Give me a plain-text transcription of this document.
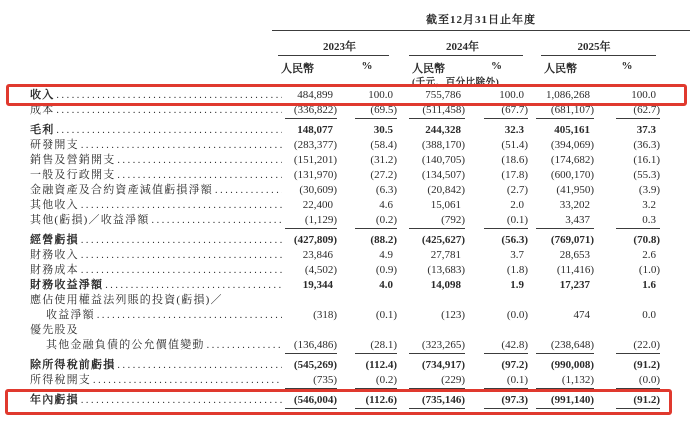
截至12月31日止年度
2023年	2024年	2025年
人民幣	%	人民幣	%	人民幣	%
(千元，百分比除外)
收入 .....	484,899	100.0	755,786	100.0	1,086,268	100.0
成本 .....	(336,822)	(69.5)	(511,458)	(67.7)	(681,107)	(62.7)
毛利 .....	148,077	30.5	244,328	32.3	405,161	37.3
研發開支 .....	(283,377)	(58.4)	(388,170)	(51.4)	(394,069)	(36.3)
銷售及營銷開支 .....	(151,201)	(31.2)	(140,705)	(18.6)	(174,682)	(16.1)
一般及行政開支 .....	(131,970)	(27.2)	(134,507)	(17.8)	(600,170)	(55.3)
金融資產及合約資產減值虧損淨額 .....	(30,609)	(6.3)	(20,842)	(2.7)	(41,950)	(3.9)
其他收入 .....	22,400	4.6	15,061	2.0	33,202	3.2
其他(虧損)／收益淨額 .....	(1,129)	(0.2)	(792)	(0.1)	3,437	0.3
經營虧損 .....	(427,809)	(88.2)	(425,627)	(56.3)	(769,071)	(70.8)
財務收入 .....	23,846	4.9	27,781	3.7	28,653	2.6
財務成本 .....	(4,502)	(0.9)	(13,683)	(1.8)	(11,416)	(1.0)
財務收益淨額 .....	19,344	4.0	14,098	1.9	17,237	1.6
應佔使用權益法列賬的投資(虧損)／
收益淨額 .....	(318)	(0.1)	(123)	(0.0)	474	0.0
優先股及
其他金融負債的公允價值變動 .....	(136,486)	(28.1)	(323,265)	(42.8)	(238,648)	(22.0)
除所得稅前虧損 .....	(545,269)	(112.4)	(734,917)	(97.2)	(990,008)	(91.2)
所得稅開支 .....	(735)	(0.2)	(229)	(0.1)	(1,132)	(0.0)
年內虧損 .....	(546,004)	(112.6)	(735,146)	(97.3)	(991,140)	(91.2)
